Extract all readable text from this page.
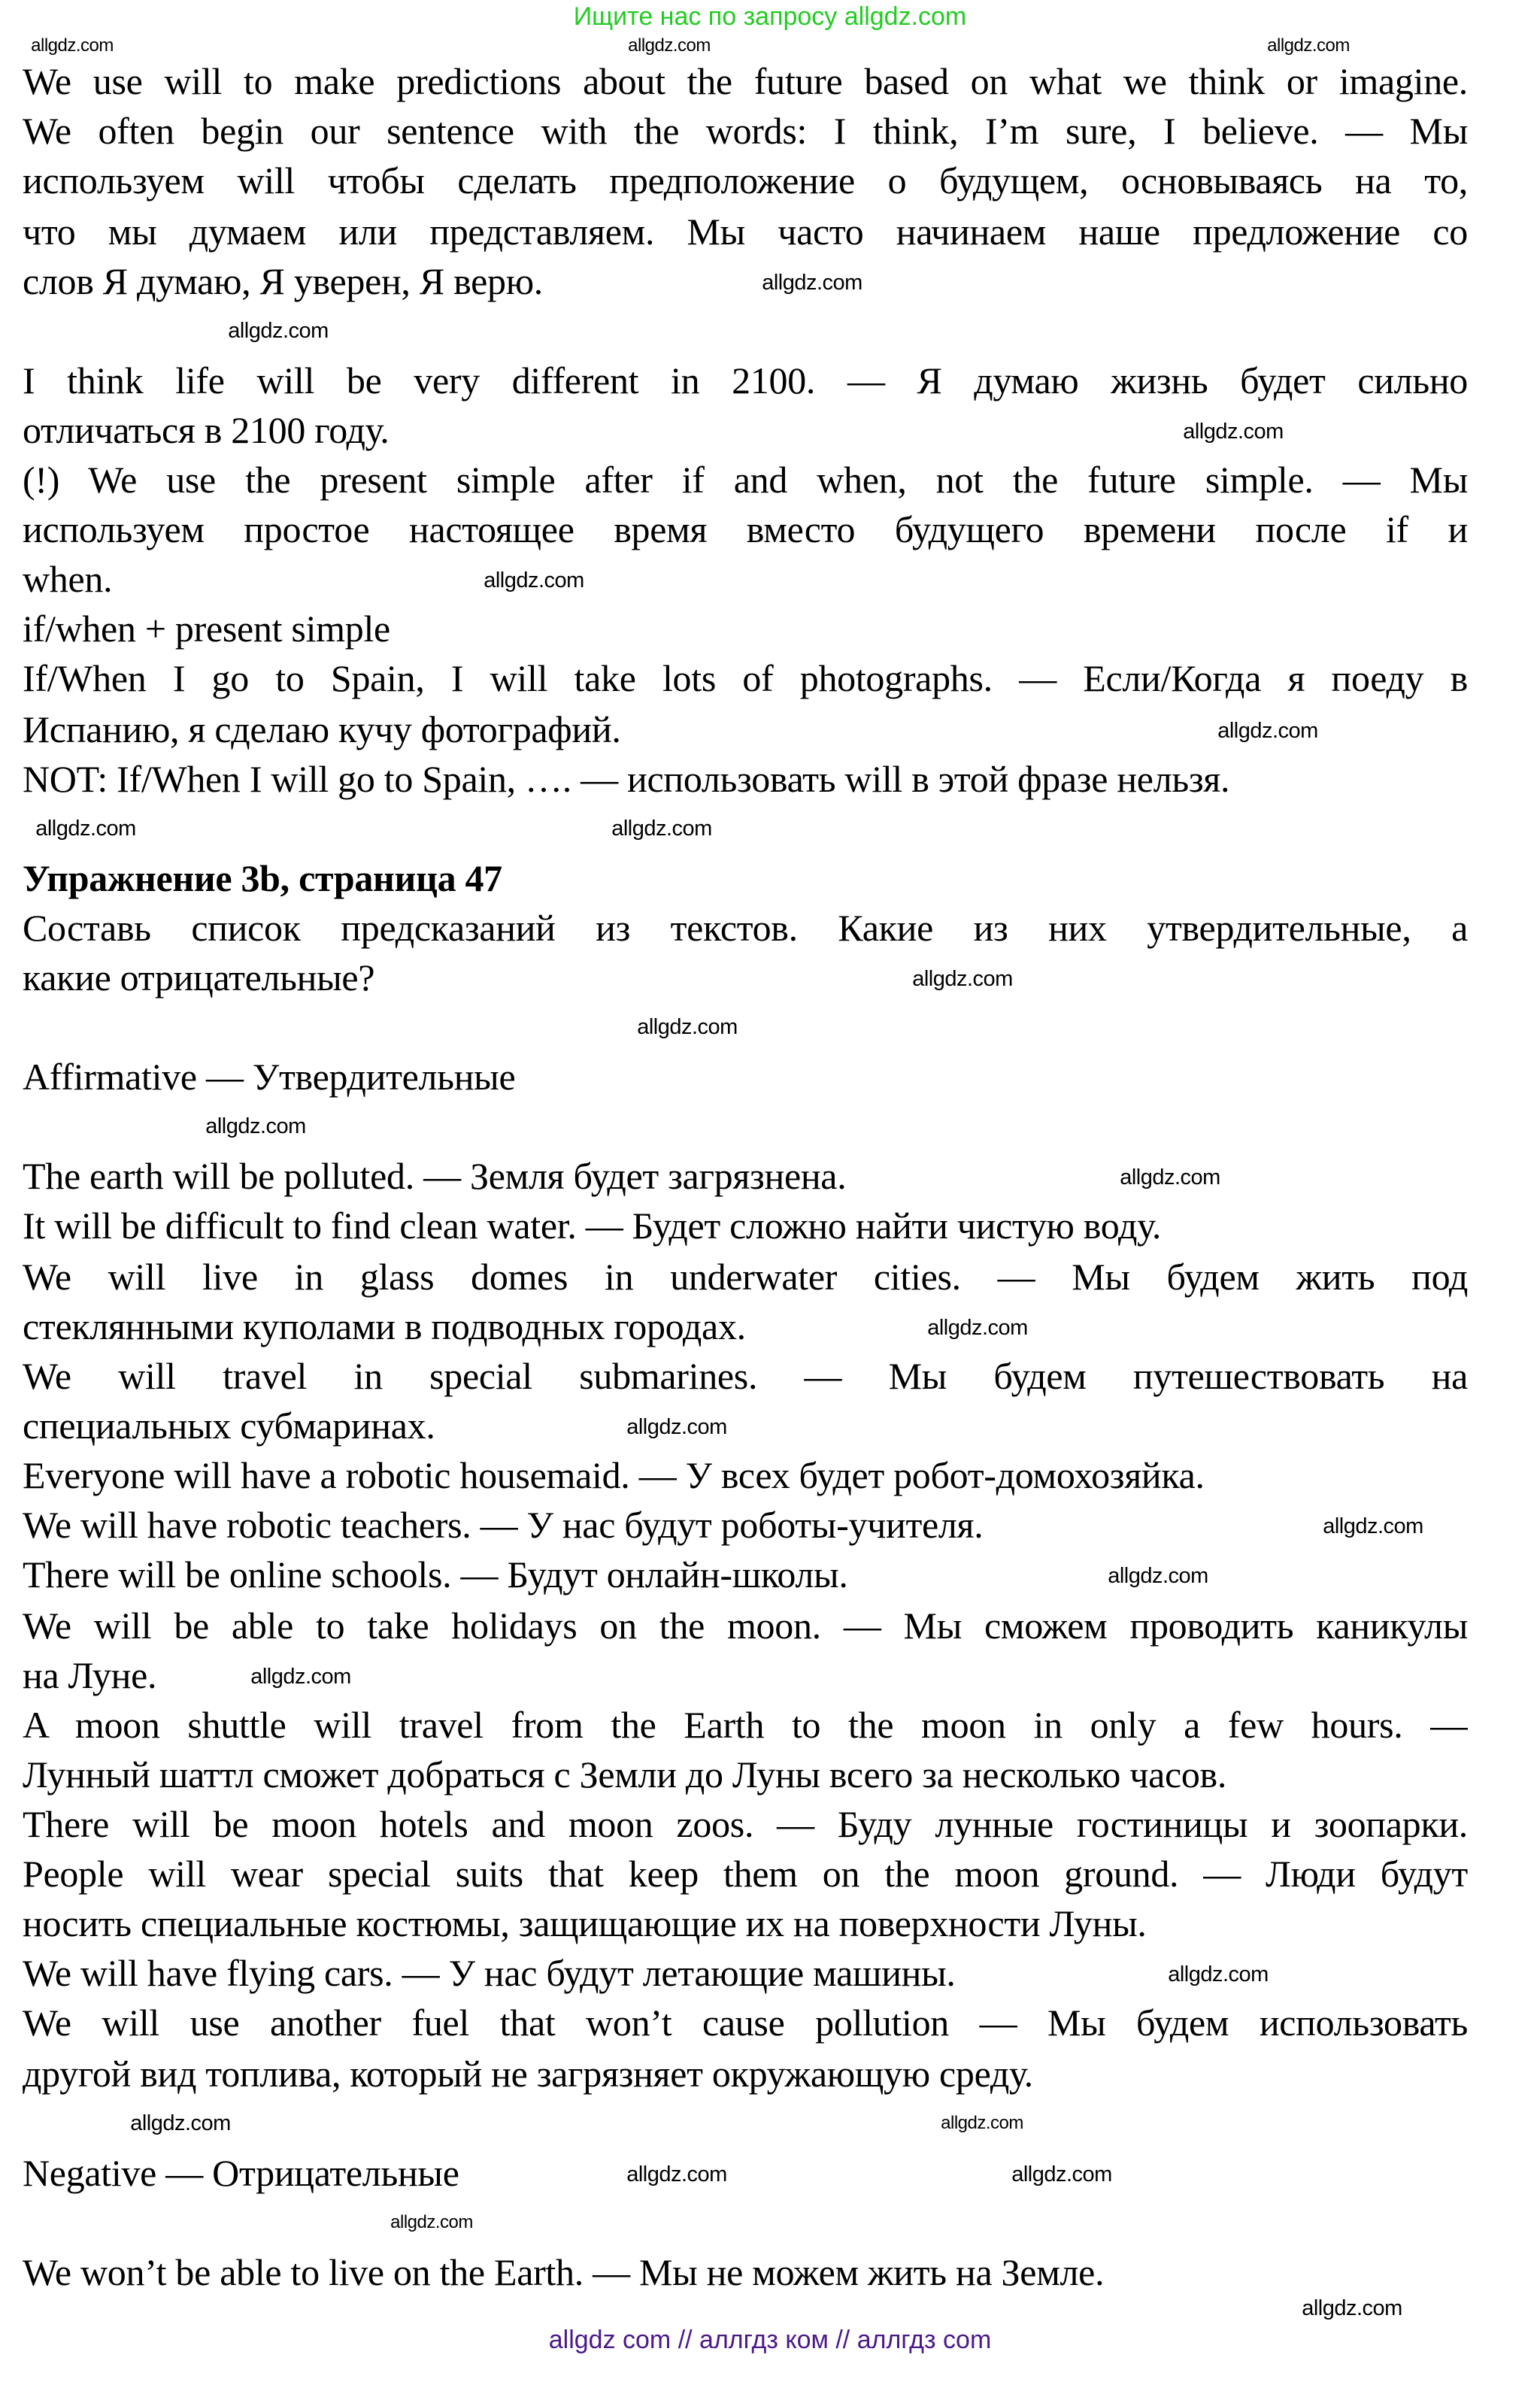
Ищите нас по запросу allgdz.com
We use will to make predictions about the future based on what we think or imagine.
We often begin our sentence with the words: I think, I’m sure, I believe. — Мы
используем will чтобы сделать предположение о будущем, основываясь на то,
что мы думаем или представляем. Мы часто начинаем наше предложение со
слов Я думаю, Я уверен, Я верю.
I think life will be very different in 2100. — Я думаю жизнь будет сильно
отличаться в 2100 году.
(!) We use the present simple after if and when, not the future simple. — Мы
используем простое настоящее время вместо будущего времени после if и
when.
if/when + present simple
If/When I go to Spain, I will take lots of photographs. — Если/Когда я поеду в
Испанию, я сделаю кучу фотографий.
NOT: If/When I will go to Spain, …. — использовать will в этой фразе нельзя.
Упражнение 3b, страница 47
Составь список предсказаний из текстов. Какие из них утвердительные, а
какие отрицательные?
Affirmative — Утвердительные
The earth will be polluted. — Земля будет загрязнена.
It will be difficult to find clean water. — Будет сложно найти чистую воду.
We will live in glass domes in underwater cities. — Мы будем жить под
стеклянными куполами в подводных городах.
We will travel in special submarines. — Мы будем путешествовать на
специальных субмаринах.
Everyone will have a robotic housemaid. — У всех будет робот-домохозяйка.
We will have robotic teachers. — У нас будут роботы-учителя.
There will be online schools. — Будут онлайн-школы.
We will be able to take holidays on the moon. — Мы сможем проводить каникулы
на Луне.
A moon shuttle will travel from the Earth to the moon in only a few hours. —
Лунный шаттл сможет добраться с Земли до Луны всего за несколько часов.
There will be moon hotels and moon zoos. — Буду лунные гостиницы и зоопарки.
People will wear special suits that keep them on the moon ground. — Люди будут
носить специальные костюмы, защищающие их на поверхности Луны.
We will have flying cars. — У нас будут летающие машины.
We will use another fuel that won’t cause pollution — Мы будем использовать
другой вид топлива, который не загрязняет окружающую среду.
Negative — Отрицательные
We won’t be able to live on the Earth. — Мы не можем жить на Земле.
allgdz.com	allgdz.com	allgdz.com
allgdz.com
allgdz.com
allgdz.com
allgdz.com
allgdz.com
allgdz.com
allgdz.com
allgdz.com
allgdz.com
allgdz.com
allgdz.com
allgdz.com
allgdz.com
allgdz.com
allgdz.com
allgdz.com
allgdz.com
allgdz.com
allgdz.com
allgdz.com
allgdz.com	allgdz.com
allgdz.com
allgdz com // аллгдз ком // аллгдз com
